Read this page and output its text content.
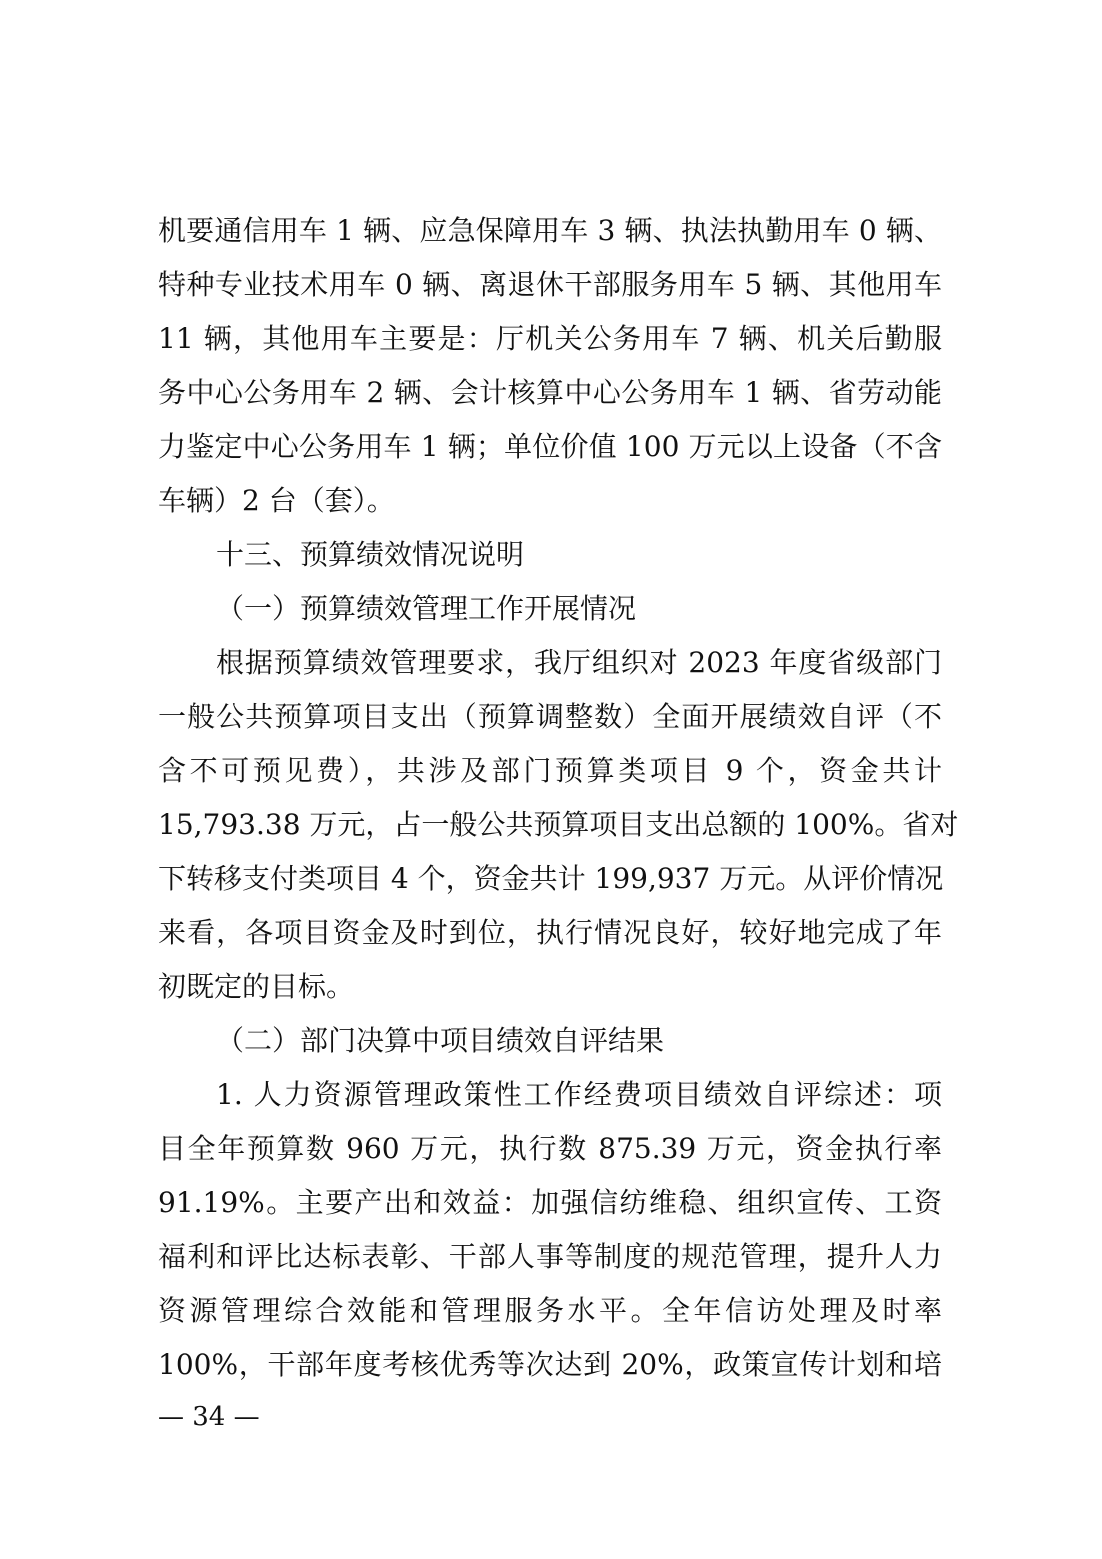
机要通信用车 1 辆、应急保障用车 3 辆、执法执勤用车 0 辆、
特种专业技术用车 0 辆、离退休干部服务用车 5 辆、其他用车
11 辆，其他用车主要是：厅机关公务用车 7 辆、机关后勤服
务中心公务用车 2 辆、会计核算中心公务用车 1 辆、省劳动能
力鉴定中心公务用车 1 辆；单位价值 100 万元以上设备（不含
车辆）2 台（套）。
十三、预算绩效情况说明
（一）预算绩效管理工作开展情况
根据预算绩效管理要求，我厅组织对 2023 年度省级部门
一般公共预算项目支出（预算调整数）全面开展绩效自评（不
含不可预见费），共涉及部门预算类项目 9 个，资金共计
15,793.38 万元，占一般公共预算项目支出总额的 100%。省对
下转移支付类项目 4 个，资金共计 199,937 万元。从评价情况
来看，各项目资金及时到位，执行情况良好，较好地完成了年
初既定的目标。
（二）部门决算中项目绩效自评结果
1. 人力资源管理政策性工作经费项目绩效自评综述：项
目全年预算数 960 万元，执行数 875.39 万元，资金执行率
91.19%。主要产出和效益：加强信纺维稳、组织宣传、工资
福利和评比达标表彰、干部人事等制度的规范管理，提升人力
资源管理综合效能和管理服务水平。全年信访处理及时率
100%，干部年度考核优秀等次达到 20%，政策宣传计划和培
— 34 —
